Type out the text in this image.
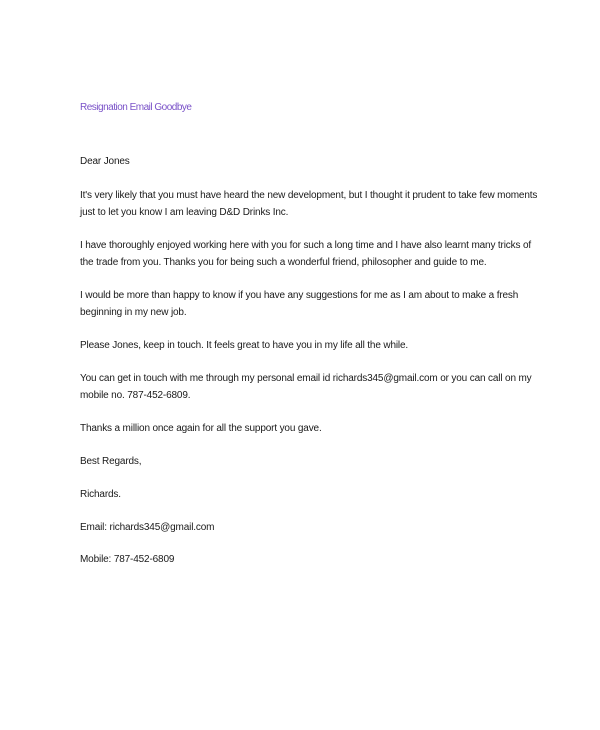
Resignation Email Goodbye
Dear Jones
It's very likely that you must have heard the new development, but I thought it prudent to take few moments
just to let you know I am leaving D&D Drinks Inc.
I have thoroughly enjoyed working here with you for such a long time and I have also learnt many tricks of
the trade from you. Thanks you for being such a wonderful friend, philosopher and guide to me.
I would be more than happy to know if you have any suggestions for me as I am about to make a fresh
beginning in my new job.
Please Jones, keep in touch. It feels great to have you in my life all the while.
You can get in touch with me through my personal email id richards345@gmail.com or you can call on my
mobile no. 787-452-6809.
Thanks a million once again for all the support you gave.
Best Regards,
Richards.
Email: richards345@gmail.com
Mobile: 787-452-6809
